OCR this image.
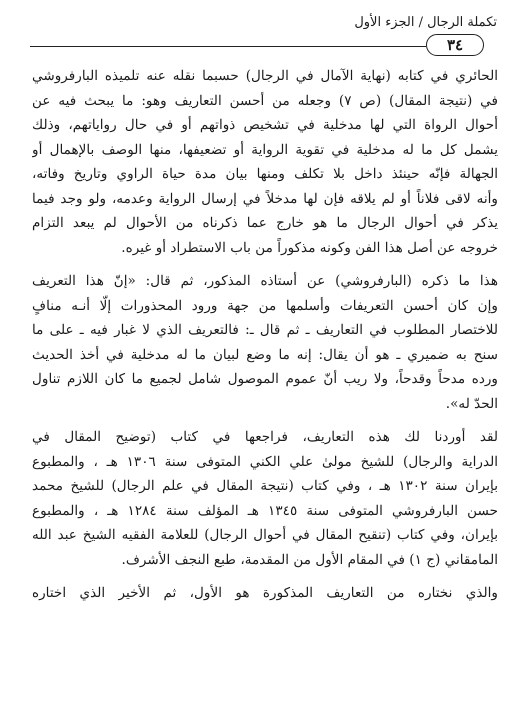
تكملة الرجال / الجزء الأول
٣٤
الحائري في كتابه (نهاية الآمال في الرجال) حسبما نقله عنه تلميذه البارفروشي
في (نتيجة المقال) (ص ٧) وجعله من أحسن التعاريف وهو: ما يبحث فيه عن
أحوال الرواة التي لها مدخلية في تشخيص ذواتهم أو في حال رواياتهم، وذلك
يشمل كل ما له مدخلية في تقوية الرواية أو تضعيفها، منها الوصف بالإهمال أو
الجهالة فإنّه حينئذ داخل بلا تكلف ومنها بيان مدة حياة الراوي وتاريخ وفاته،
وأنه لاقى فلاناً أو لم يلاقه فإن لها مدخلاً في إرسال الرواية وعدمه، ولو وجد فيما
يذكر في أحوال الرجال ما هو خارج عما ذكرناه من الأحوال لم يبعد التزام
خروجه عن أصل هذا الفن وكونه مذكوراً من باب الاستطراد أو غيره.
هذا ما ذكره (البارفروشي) عن أستاذه المذكور، ثم قال: «إنّ هذا التعريف
وإن كان أحسن التعريفات وأسلمها من جهة ورود المحذورات إلّا أنـه منافٍ
للاختصار المطلوب في التعاريف ـ ثم قال ـ: فالتعريف الذي لا غبار فيه ـ على ما
سنح به ضميري ـ هو أن يقال: إنه ما وضع لبيان ما له مدخلية في أخذ الحديث
ورده مدحاً وقدحاً، ولا ريب أنّ عموم الموصول شامل لجميع ما كان اللازم تناول
الحدّ له».
لقد أوردنا لك هذه التعاريف، فراجعها في كتاب (توضيح المقال في
الدراية والرجال) للشيخ مولىٰ علي الكني المتوفى سنة ١٣٠٦ هـ ، والمطبوع
بإيران سنة ١٣٠٢ هـ ، وفي كتاب (نتيجة المقال في علم الرجال) للشيخ محمد
حسن البارفروشي المتوفى سنة ١٣٤٥ هـ المؤلف سنة ١٢٨٤ هـ ، والمطبوع
بإيران، وفي كتاب (تنقيح المقال في أحوال الرجال) للعلامة الفقيه الشيخ عبد الله
المامقاني (ج ١) في المقام الأول من المقدمة، طبع النجف الأشرف.
والذي نختاره من التعاريف المذكورة هو الأول، ثم الأخير الذي اختاره
